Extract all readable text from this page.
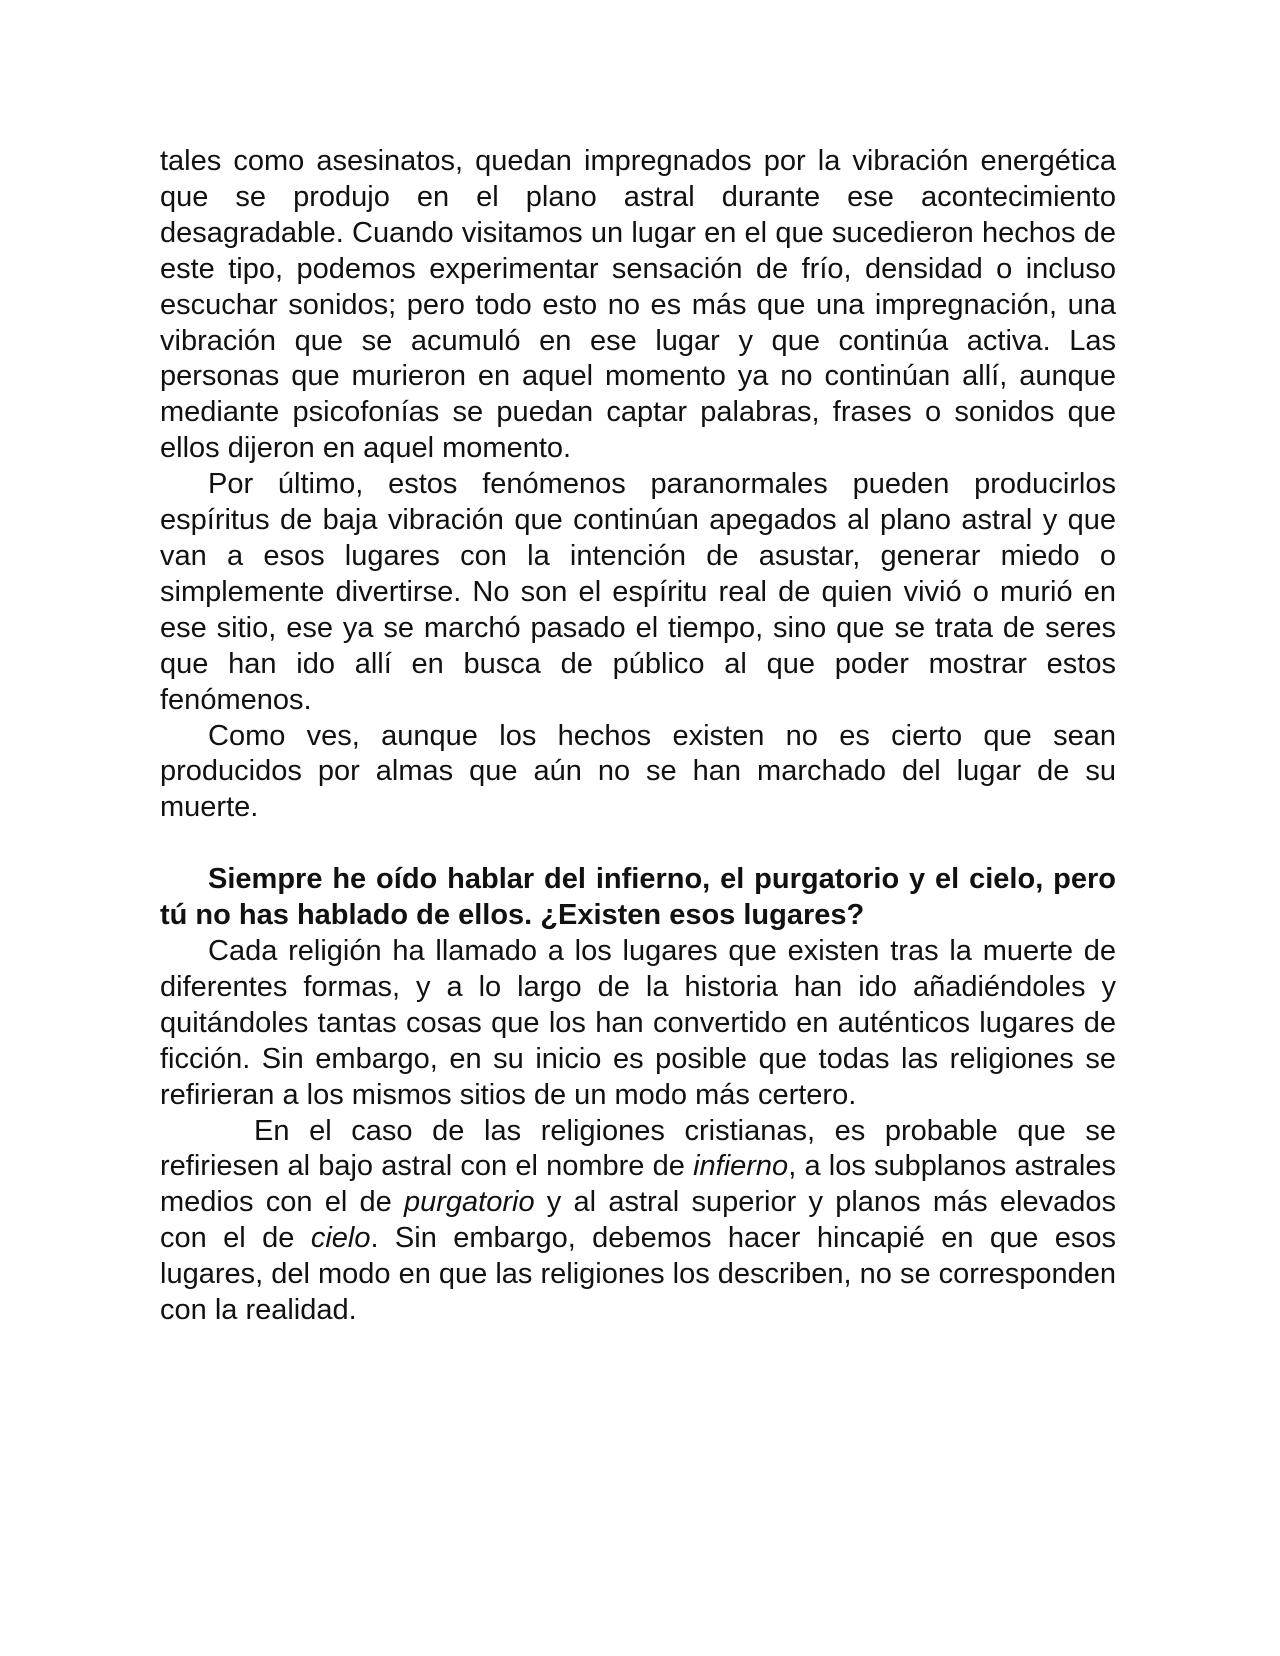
tales como asesinatos, quedan impregnados por la vibración energética que se produjo en el plano astral durante ese acontecimiento desagradable. Cuando visitamos un lugar en el que sucedieron hechos de este tipo, podemos experimentar sensación de frío, densidad o incluso escuchar sonidos; pero todo esto no es más que una impregnación, una vibración que se acumuló en ese lugar y que continúa activa. Las personas que murieron en aquel momento ya no continúan allí, aunque mediante psicofonías se puedan captar palabras, frases o sonidos que ellos dijeron en aquel momento.

Por último, estos fenómenos paranormales pueden producirlos espíritus de baja vibración que continúan apegados al plano astral y que van a esos lugares con la intención de asustar, generar miedo o simplemente divertirse. No son el espíritu real de quien vivió o murió en ese sitio, ese ya se marchó pasado el tiempo, sino que se trata de seres que han ido allí en busca de público al que poder mostrar estos fenómenos.

Como ves, aunque los hechos existen no es cierto que sean producidos por almas que aún no se han marchado del lugar de su muerte.

Siempre he oído hablar del infierno, el purgatorio y el cielo, pero tú no has hablado de ellos. ¿Existen esos lugares?

Cada religión ha llamado a los lugares que existen tras la muerte de diferentes formas, y a lo largo de la historia han ido añadiéndoles y quitándoles tantas cosas que los han convertido en auténticos lugares de ficción. Sin embargo, en su inicio es posible que todas las religiones se refirieran a los mismos sitios de un modo más certero.

En el caso de las religiones cristianas, es probable que se refiriesen al bajo astral con el nombre de infierno, a los subplanos astrales medios con el de purgatorio y al astral superior y planos más elevados con el de cielo. Sin embargo, debemos hacer hincapié en que esos lugares, del modo en que las religiones los describen, no se corresponden con la realidad.
